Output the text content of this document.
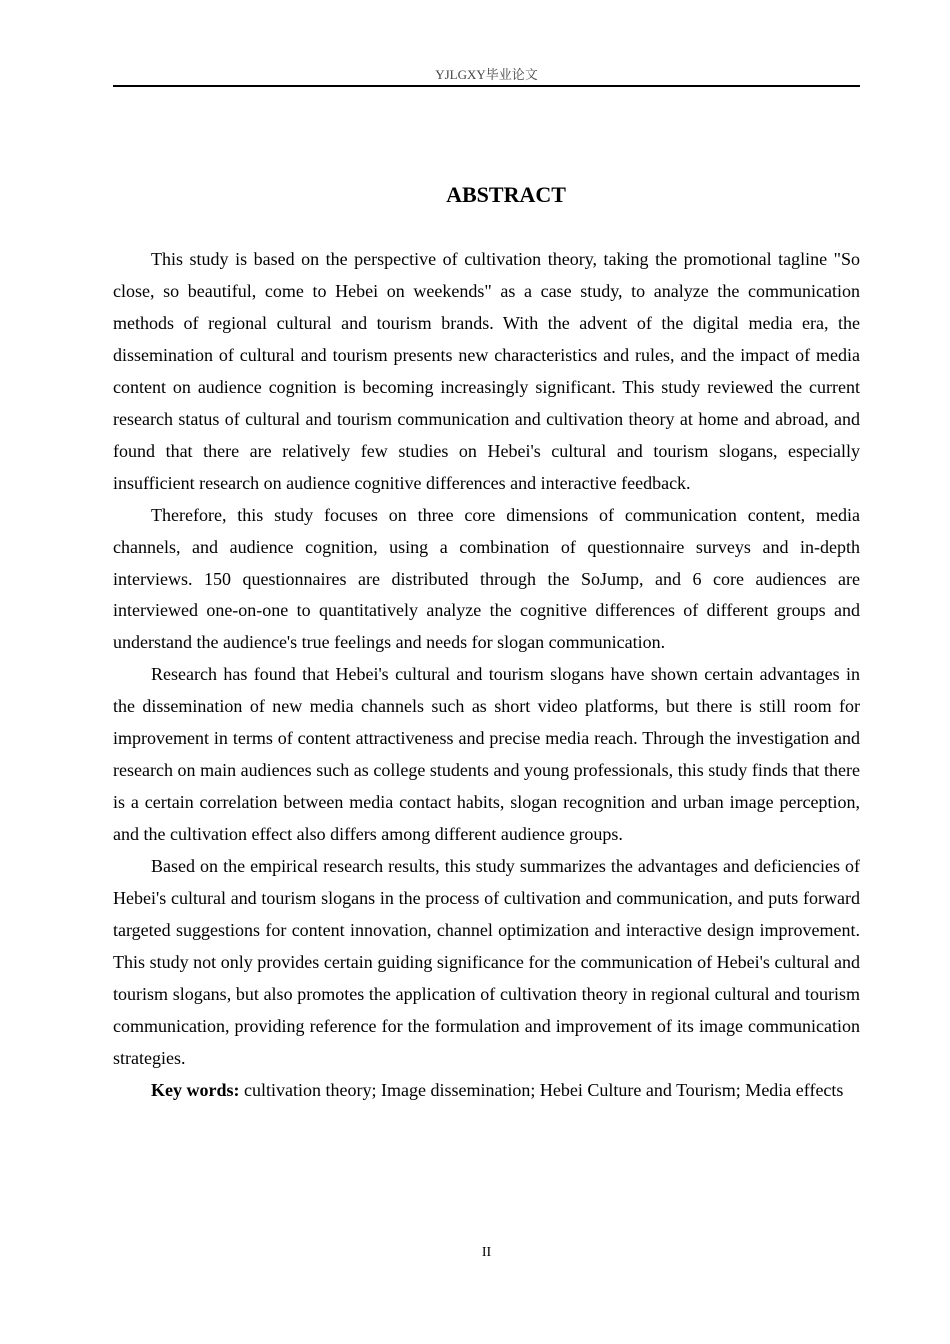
YJLGXY毕业论文
ABSTRACT

This study is based on the perspective of cultivation theory, taking the promotional tagline "So close, so beautiful, come to Hebei on weekends" as a case study, to analyze the communication methods of regional cultural and tourism brands. With the advent of the digital media era, the dissemination of cultural and tourism presents new characteristics and rules, and the impact of media content on audience cognition is becoming increasingly significant. This study reviewed the current research status of cultural and tourism communication and cultivation theory at home and abroad, and found that there are relatively few studies on Hebei's cultural and tourism slogans, especially insufficient research on audience cognitive differences and interactive feedback.

Therefore, this study focuses on three core dimensions of communication content, media channels, and audience cognition, using a combination of questionnaire surveys and in-depth interviews. 150 questionnaires are distributed through the SoJump, and 6 core audiences are interviewed one-on-one to quantitatively analyze the cognitive differences of different groups and understand the audience's true feelings and needs for slogan communication.

Research has found that Hebei's cultural and tourism slogans have shown certain advantages in the dissemination of new media channels such as short video platforms, but there is still room for improvement in terms of content attractiveness and precise media reach. Through the investigation and research on main audiences such as college students and young professionals, this study finds that there is a certain correlation between media contact habits, slogan recognition and urban image perception, and the cultivation effect also differs among different audience groups.

Based on the empirical research results, this study summarizes the advantages and deficiencies of Hebei's cultural and tourism slogans in the process of cultivation and communication, and puts forward targeted suggestions for content innovation, channel optimization and interactive design improvement. This study not only provides certain guiding significance for the communication of Hebei's cultural and tourism slogans, but also promotes the application of cultivation theory in regional cultural and tourism communication, providing reference for the formulation and improvement of its image communication strategies.

Key words: cultivation theory; Image dissemination; Hebei Culture and Tourism; Media effects

II
